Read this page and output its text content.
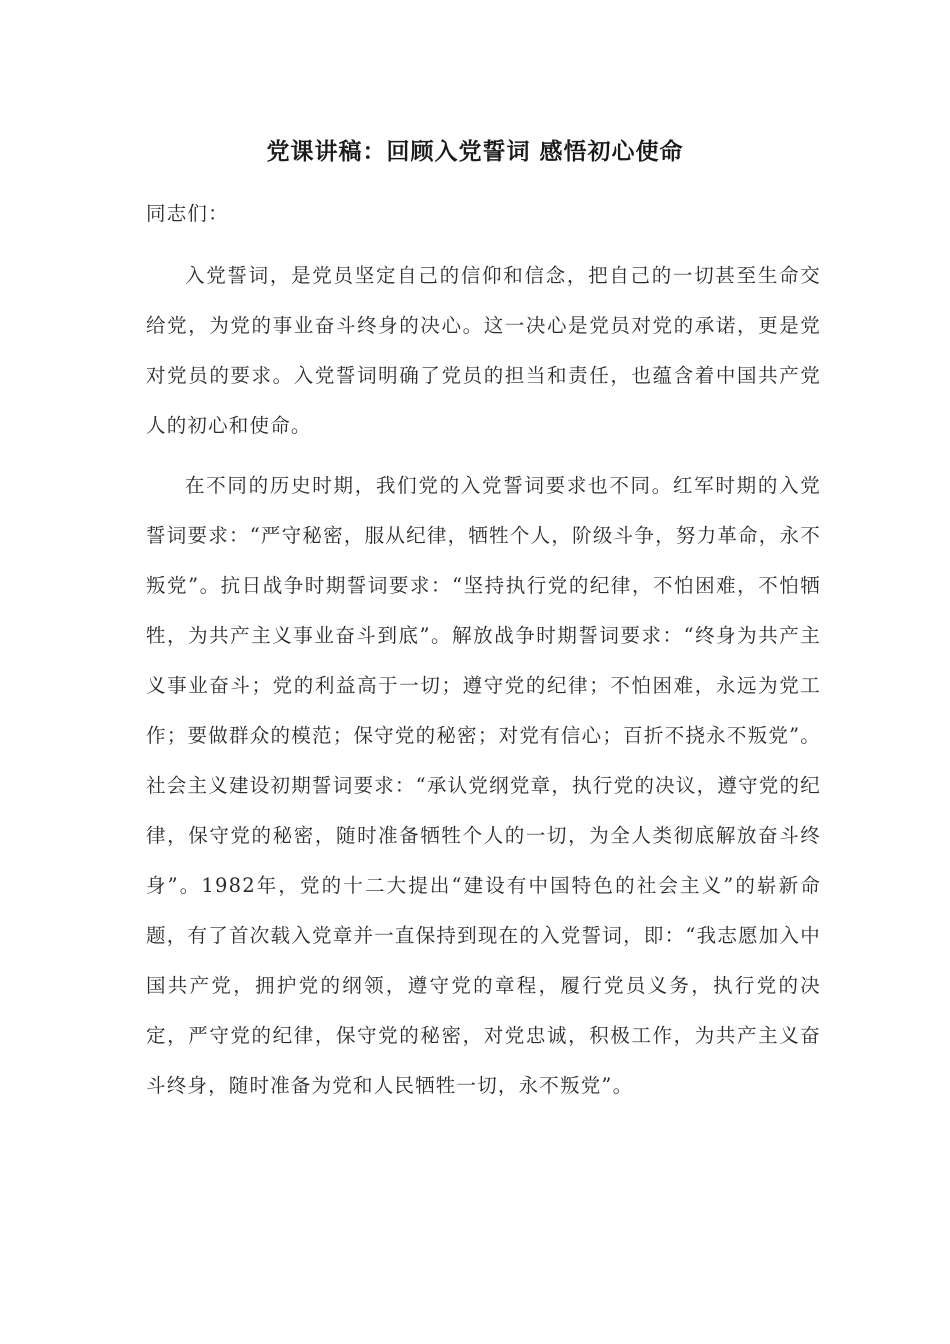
党课讲稿：回顾入党誓词 感悟初心使命
同志们：
入党誓词，是党员坚定自己的信仰和信念，把自己的一切甚至生命交给党，为党的事业奋斗终身的决心。这一决心是党员对党的承诺，更是党对党员的要求。入党誓词明确了党员的担当和责任，也蕴含着中国共产党人的初心和使命。
在不同的历史时期，我们党的入党誓词要求也不同。红军时期的入党誓词要求：“严守秘密，服从纪律，牺牲个人，阶级斗争，努力革命，永不叛党”。抗日战争时期誓词要求：“坚持执行党的纪律，不怕困难，不怕牺牲，为共产主义事业奋斗到底”。解放战争时期誓词要求：“终身为共产主义事业奋斗；党的利益高于一切；遵守党的纪律；不怕困难，永远为党工作；要做群众的模范；保守党的秘密；对党有信心；百折不挠永不叛党”。社会主义建设初期誓词要求：“承认党纲党章，执行党的决议，遵守党的纪律，保守党的秘密，随时准备牺牲个人的一切，为全人类彻底解放奋斗终身”。1982年，党的十二大提出“建设有中国特色的社会主义”的崭新命题，有了首次载入党章并一直保持到现在的入党誓词，即：“我志愿加入中国共产党，拥护党的纲领，遵守党的章程，履行党员义务，执行党的决定，严守党的纪律，保守党的秘密，对党忠诚，积极工作，为共产主义奋斗终身，随时准备为党和人民牺牲一切，永不叛党”。
